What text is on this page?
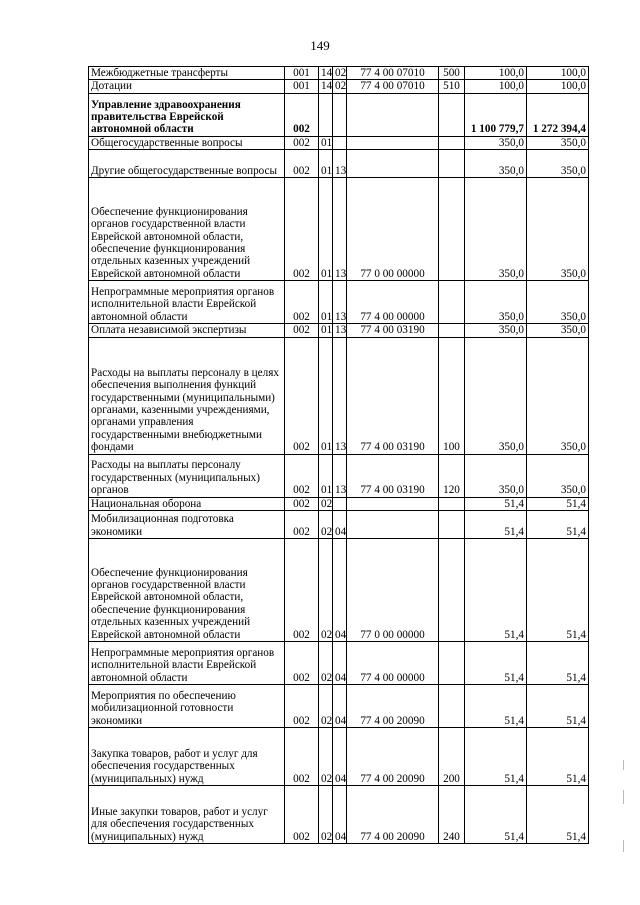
149
Межбюджетные трансферты	001	14	02	77 4 00 07010	500	100,0	100,0
Дотации	001	14	02	77 4 00 07010	510	100,0	100,0
Управление здравоохранения правительства Еврейской автономной области	002					1 100 779,7	1 272 394,4
Общегосударственные вопросы	002	01				350,0	350,0
Другие общегосударственные вопросы	002	01	13			350,0	350,0
Обеспечение функционирования органов государственной власти Еврейской автономной области, обеспечение функционирования отдельных казенных учреждений Еврейской автономной области	002	01	13	77 0 00 00000		350,0	350,0
Непрограммные мероприятия органов исполнительной власти Еврейской автономной области	002	01	13	77 4 00 00000		350,0	350,0
Оплата независимой экспертизы	002	01	13	77 4 00 03190		350,0	350,0
Расходы на выплаты персоналу в целях обеспечения выполнения функций государственными (муниципальными) органами, казенными учреждениями, органами управления государственными внебюджетными фондами	002	01	13	77 4 00 03190	100	350,0	350,0
Расходы на выплаты персоналу государственных (муниципальных) органов	002	01	13	77 4 00 03190	120	350,0	350,0
Национальная оборона	002	02				51,4	51,4
Мобилизационная подготовка экономики	002	02	04			51,4	51,4
Обеспечение функционирования органов государственной власти Еврейской автономной области, обеспечение функционирования отдельных казенных учреждений Еврейской автономной области	002	02	04	77 0 00 00000		51,4	51,4
Непрограммные мероприятия органов исполнительной власти Еврейской автономной области	002	02	04	77 4 00 00000		51,4	51,4
Мероприятия по обеспечению мобилизационной готовности экономики	002	02	04	77 4 00 20090		51,4	51,4
Закупка товаров, работ и услуг для обеспечения государственных (муниципальных) нужд	002	02	04	77 4 00 20090	200	51,4	51,4
Иные закупки товаров, работ и услуг для обеспечения государственных (муниципальных) нужд	002	02	04	77 4 00 20090	240	51,4	51,4
